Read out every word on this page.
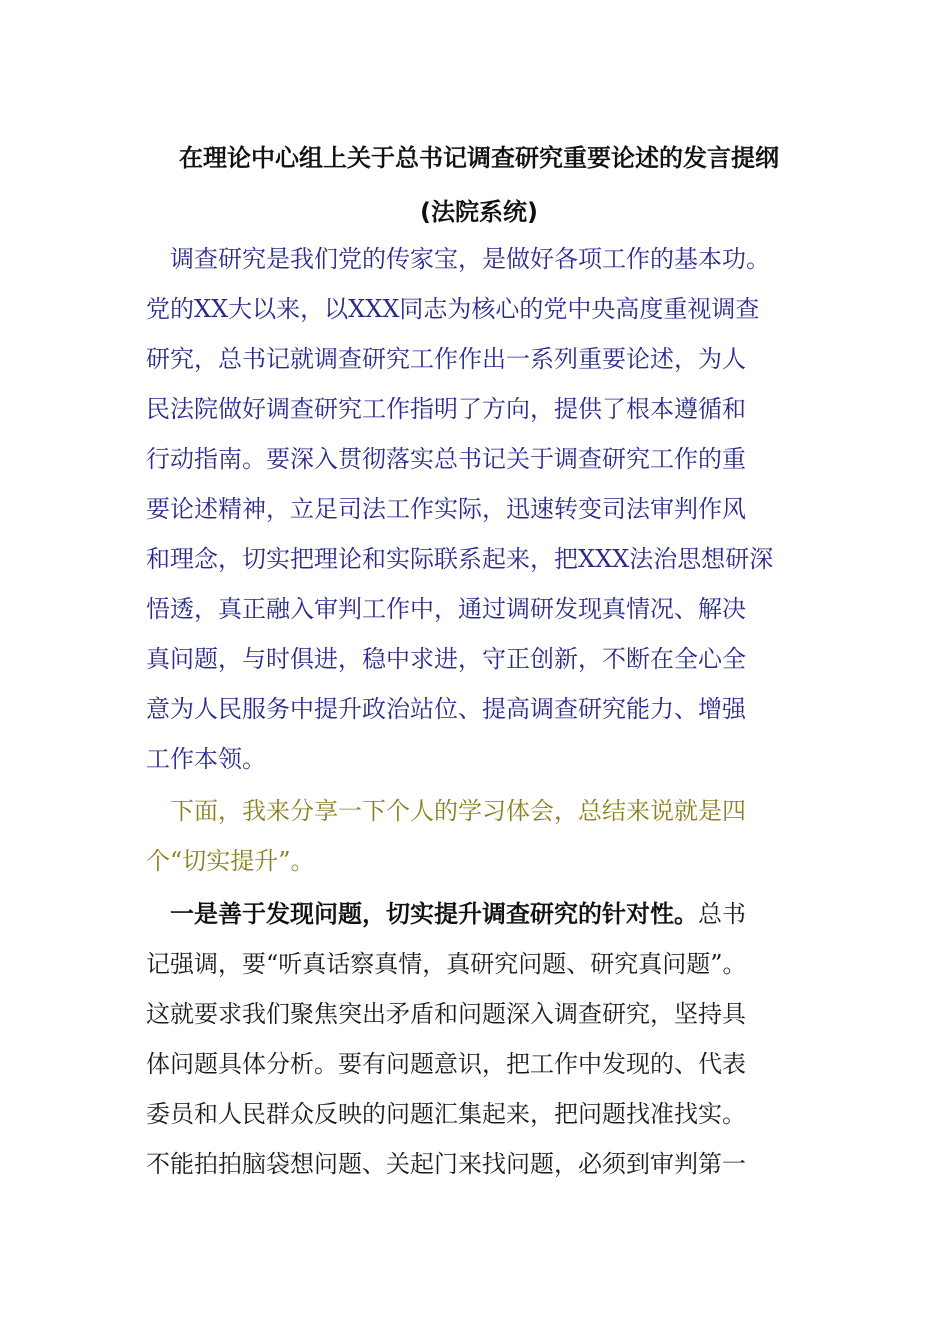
在理论中心组上关于总书记调查研究重要论述的发言提纲
(法院系统)
　调查研究是我们党的传家宝，是做好各项工作的基本功。
党的XX大以来，以XXX同志为核心的党中央高度重视调查
研究，总书记就调查研究工作作出一系列重要论述，为人
民法院做好调查研究工作指明了方向，提供了根本遵循和
行动指南。要深入贯彻落实总书记关于调查研究工作的重
要论述精神，立足司法工作实际，迅速转变司法审判作风
和理念，切实把理论和实际联系起来，把XXX法治思想研深
悟透，真正融入审判工作中，通过调研发现真情况、解决
真问题，与时俱进，稳中求进，守正创新，不断在全心全
意为人民服务中提升政治站位、提高调查研究能力、增强
工作本领。
　下面，我来分享一下个人的学习体会，总结来说就是四
个“切实提升”。
　一是善于发现问题，切实提升调查研究的针对性。总书
记强调，要“听真话察真情，真研究问题、研究真问题”。
这就要求我们聚焦突出矛盾和问题深入调查研究，坚持具
体问题具体分析。要有问题意识，把工作中发现的、代表
委员和人民群众反映的问题汇集起来，把问题找准找实。
不能拍拍脑袋想问题、关起门来找问题，必须到审判第一
